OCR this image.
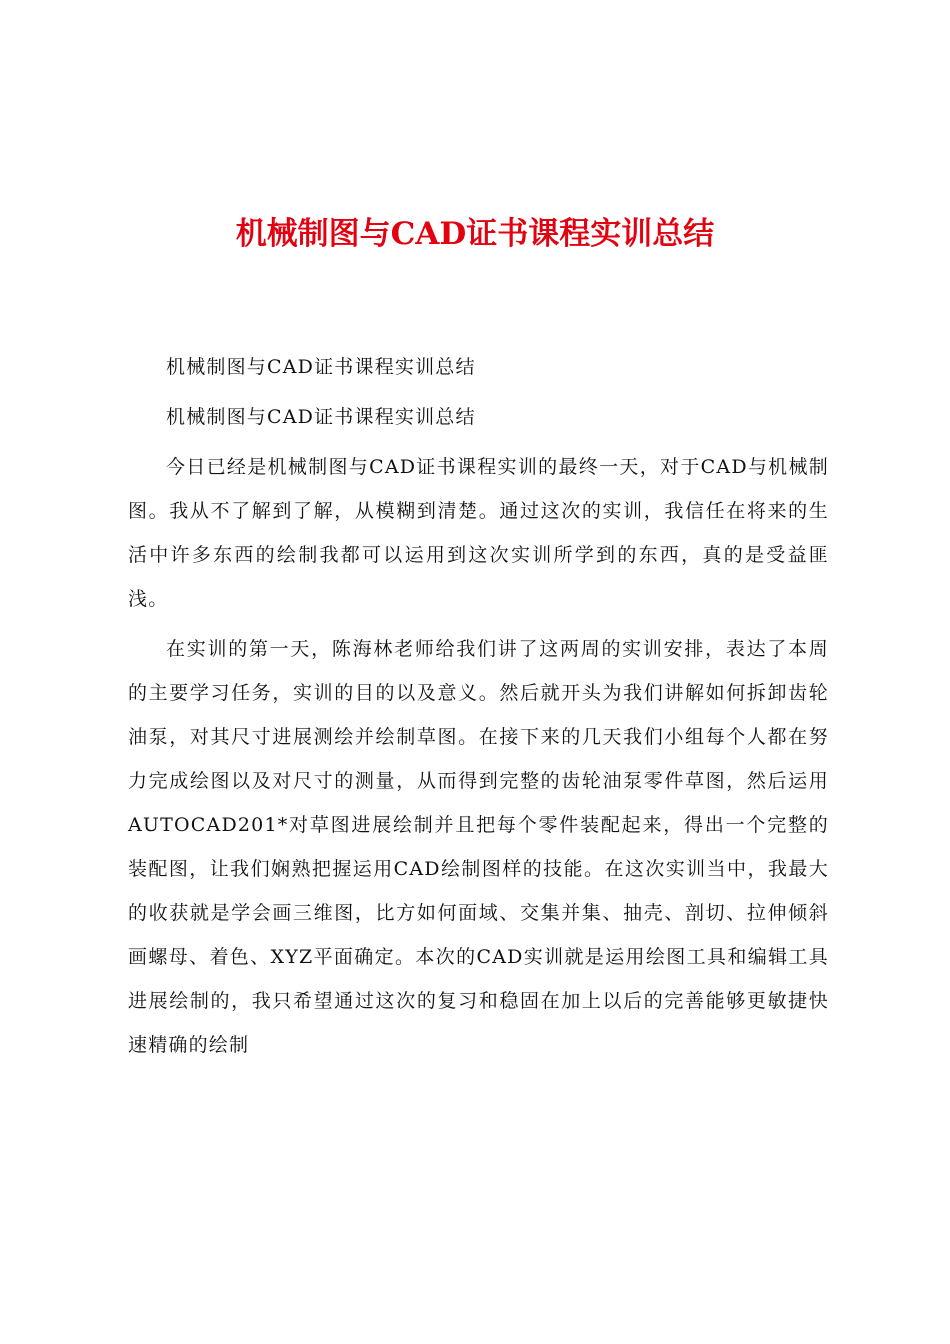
机械制图与CAD证书课程实训总结

机械制图与CAD证书课程实训总结

机械制图与CAD证书课程实训总结

今日已经是机械制图与CAD证书课程实训的最终一天，对于CAD与机械制图。我从不了解到了解，从模糊到清楚。通过这次的实训，我信任在将来的生活中许多东西的绘制我都可以运用到这次实训所学到的东西，真的是受益匪浅。

在实训的第一天，陈海林老师给我们讲了这两周的实训安排，表达了本周的主要学习任务，实训的目的以及意义。然后就开头为我们讲解如何拆卸齿轮油泵，对其尺寸进展测绘并绘制草图。在接下来的几天我们小组每个人都在努力完成绘图以及对尺寸的测量，从而得到完整的齿轮油泵零件草图，然后运用AUTOCAD201*对草图进展绘制并且把每个零件装配起来，得出一个完整的装配图，让我们娴熟把握运用CAD绘制图样的技能。在这次实训当中，我最大的收获就是学会画三维图，比方如何面域、交集并集、抽壳、剖切、拉伸倾斜画螺母、着色、XYZ平面确定。本次的CAD实训就是运用绘图工具和编辑工具进展绘制的，我只希望通过这次的复习和稳固在加上以后的完善能够更敏捷快速精确的绘制
